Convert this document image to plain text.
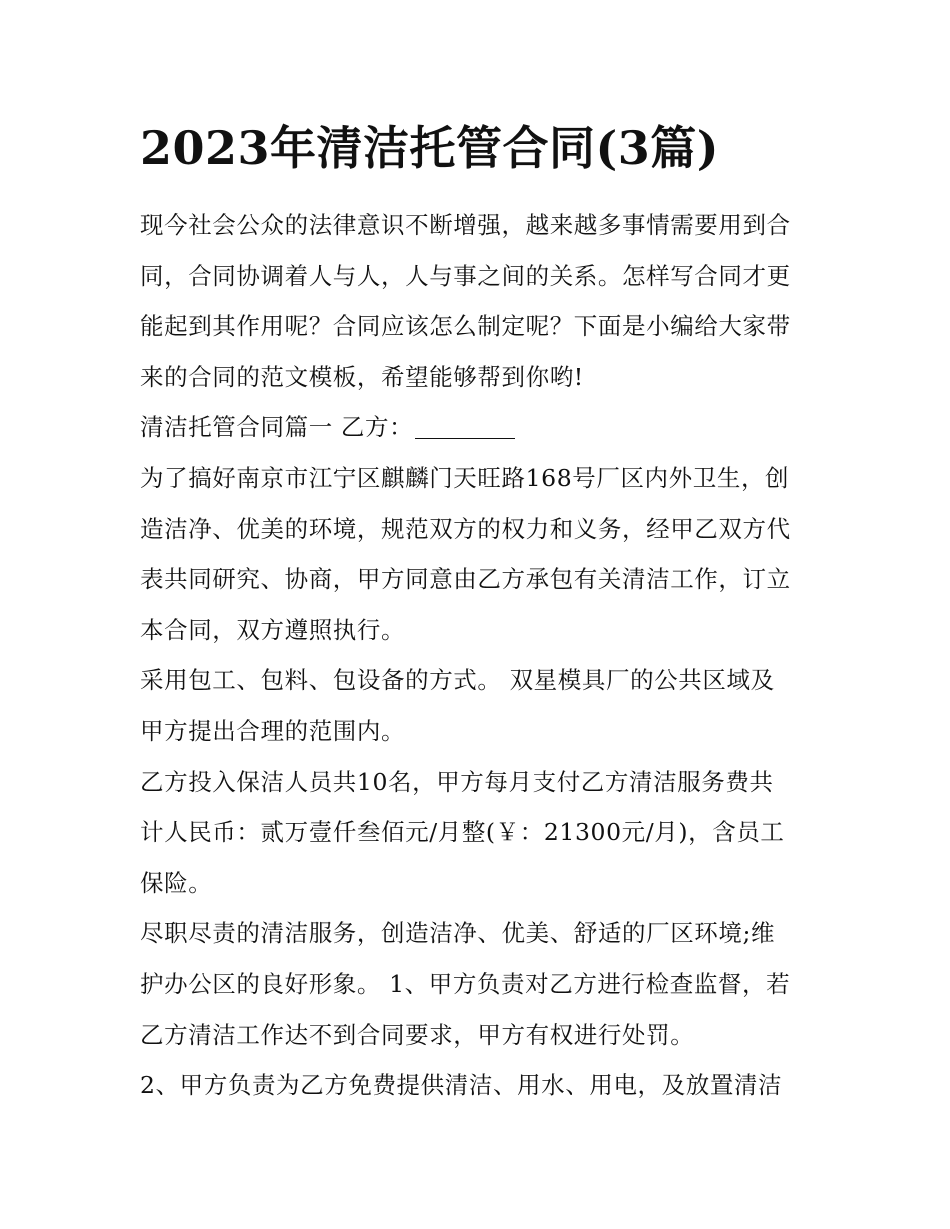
2023年清洁托管合同(3篇)
现今社会公众的法律意识不断增强，越来越多事情需要用到合
同，合同协调着人与人，人与事之间的关系。怎样写合同才更
能起到其作用呢？合同应该怎么制定呢？下面是小编给大家带
来的合同的范文模板，希望能够帮到你哟!
清洁托管合同篇一 乙方：
为了搞好南京市江宁区麒麟门天旺路168号厂区内外卫生，创
造洁净、优美的环境，规范双方的权力和义务，经甲乙双方代
表共同研究、协商，甲方同意由乙方承包有关清洁工作，订立
本合同，双方遵照执行。
采用包工、包料、包设备的方式。 双星模具厂的公共区域及
甲方提出合理的范围内。
乙方投入保洁人员共10名，甲方每月支付乙方清洁服务费共
计人民币：贰万壹仟叁佰元/月整(￥：21300元/月)，含员工
保险。
尽职尽责的清洁服务，创造洁净、优美、舒适的厂区环境;维
护办公区的良好形象。 1、甲方负责对乙方进行检查监督，若
乙方清洁工作达不到合同要求，甲方有权进行处罚。
2、甲方负责为乙方免费提供清洁、用水、用电，及放置清洁
